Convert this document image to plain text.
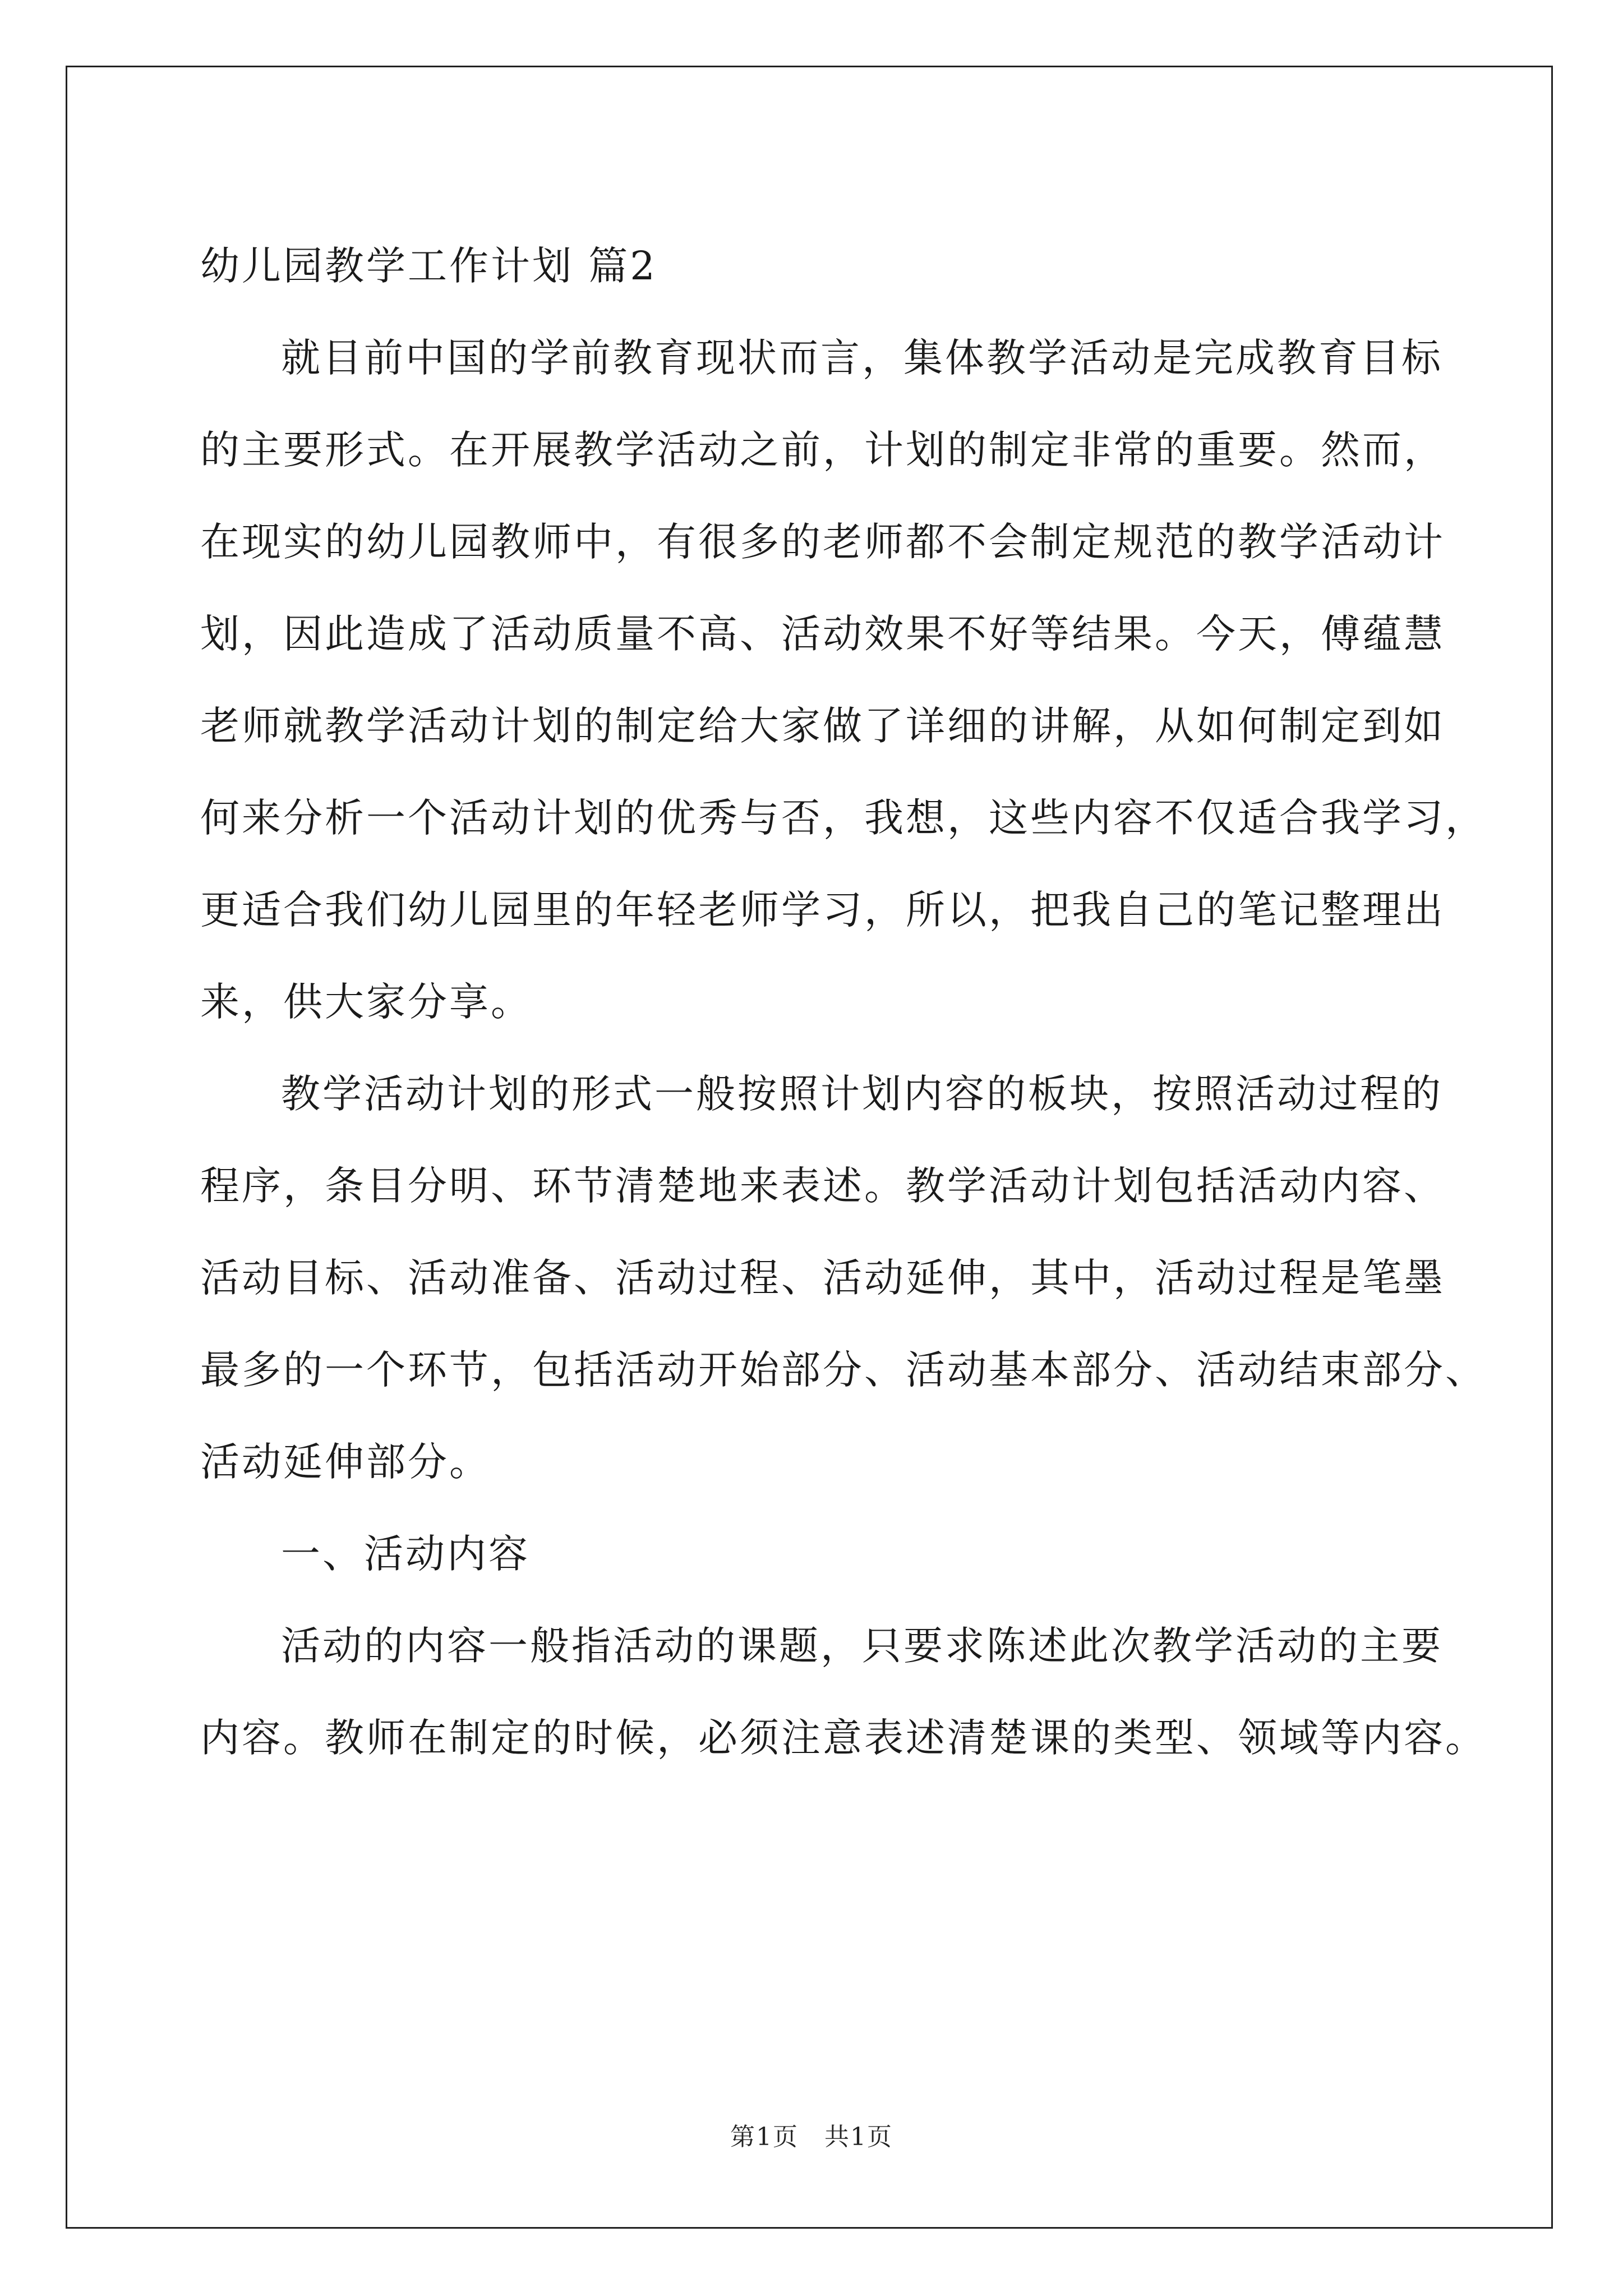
幼儿园教学工作计划 篇2
就目前中国的学前教育现状而言，集体教学活动是完成教育目标
的主要形式。在开展教学活动之前，计划的制定非常的重要。然而，
在现实的幼儿园教师中，有很多的老师都不会制定规范的教学活动计
划，因此造成了活动质量不高、活动效果不好等结果。今天，傅蕴慧
老师就教学活动计划的制定给大家做了详细的讲解，从如何制定到如
何来分析一个活动计划的优秀与否，我想，这些内容不仅适合我学习，
更适合我们幼儿园里的年轻老师学习，所以，把我自己的笔记整理出
来，供大家分享。
教学活动计划的形式一般按照计划内容的板块，按照活动过程的
程序，条目分明、环节清楚地来表述。教学活动计划包括活动内容、
活动目标、活动准备、活动过程、活动延伸，其中，活动过程是笔墨
最多的一个环节，包括活动开始部分、活动基本部分、活动结束部分、
活动延伸部分。
一、活动内容
活动的内容一般指活动的课题，只要求陈述此次教学活动的主要
内容。教师在制定的时候，必须注意表述清楚课的类型、领域等内容。
第1页　共1页
